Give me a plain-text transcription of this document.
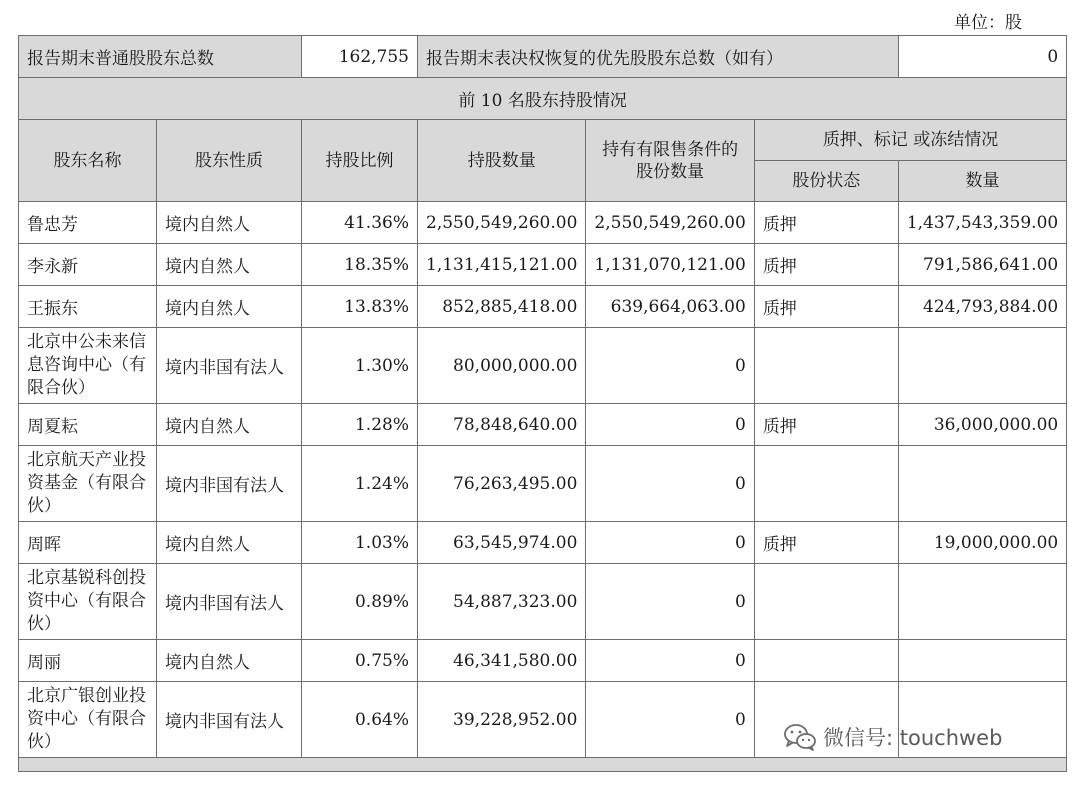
单位：股
报告期末普通股股东总数		162,755	报告期末表决权恢复的优先股股东总数（如有）			0
前 10 名股东持股情况						
股东名称	股东性质	持股比例	持股数量	持有有限售条件的股份数量	质押、标记 或冻结情况	
					股份状态	数量
鲁忠芳	境内自然人	41.36%	2,550,549,260.00	2,550,549,260.00	质押	1,437,543,359.00
李永新	境内自然人	18.35%	1,131,415,121.00	1,131,070,121.00	质押	791,586,641.00
王振东	境内自然人	13.83%	852,885,418.00	639,664,063.00	质押	424,793,884.00
北京中公未来信息咨询中心（有限合伙）	境内非国有法人	1.30%	80,000,000.00	0		
周夏耘	境内自然人	1.28%	78,848,640.00	0	质押	36,000,000.00
北京航天产业投资基金（有限合伙）	境内非国有法人	1.24%	76,263,495.00	0		
周晖	境内自然人	1.03%	63,545,974.00	0	质押	19,000,000.00
北京基锐科创投资中心（有限合伙）	境内非国有法人	0.89%	54,887,323.00	0		
周丽	境内自然人	0.75%	46,341,580.00	0		
北京广银创业投资中心（有限合伙）	境内非国有法人	0.64%	39,228,952.00	0		

微信号: touchweb
